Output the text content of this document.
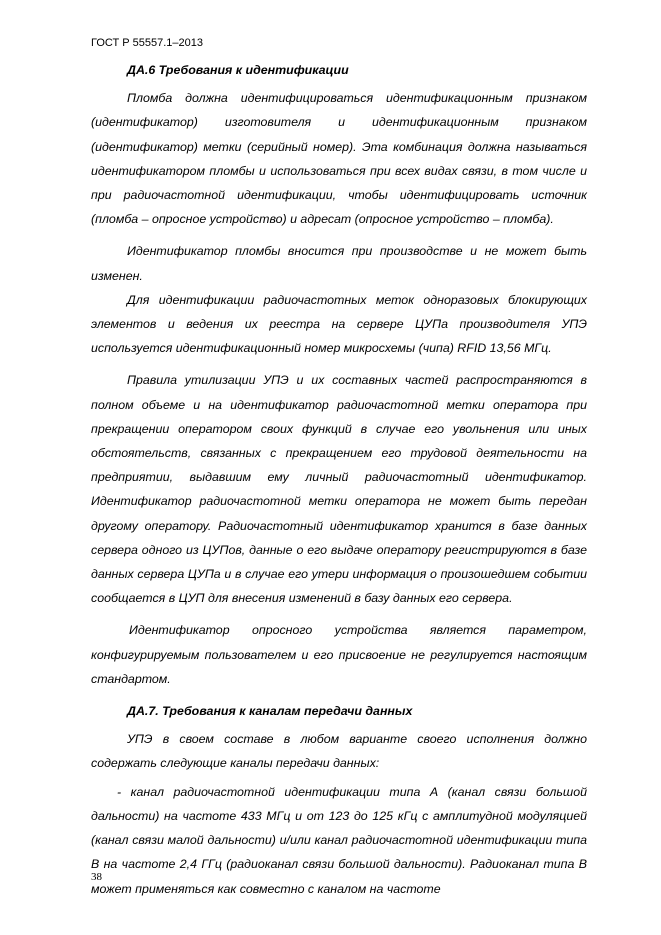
ГОСТ Р 55557.1–2013

ДА.6 Требования к идентификации

Пломба должна идентифицироваться идентификационным признаком (идентификатор) изготовителя и идентификационным признаком (идентификатор) метки (серийный номер). Эта комбинация должна называться идентификатором пломбы и использоваться при всех видах связи, в том числе и при радиочастотной идентификации, чтобы идентифицировать источник (пломба – опросное устройство) и адресат (опросное устройство – пломба).

Идентификатор пломбы вносится при производстве и не может быть изменен.

Для идентификации радиочастотных меток одноразовых блокирующих элементов и ведения их реестра на сервере ЦУПа производителя УПЭ используется идентификационный номер микросхемы (чипа) RFID 13,56 МГц.

Правила утилизации УПЭ и их составных частей распространяются в полном объеме и на идентификатор радиочастотной метки оператора при прекращении оператором своих функций в случае его увольнения или иных обстоятельств, связанных с прекращением его трудовой деятельности на предприятии, выдавшим ему личный радиочастотный идентификатор. Идентификатор радиочастотной метки оператора не может быть передан другому оператору. Радиочастотный идентификатор хранится в базе данных сервера одного из ЦУПов, данные о его выдаче оператору регистрируются в базе данных сервера ЦУПа и в случае его утери информация о произошедшем событии сообщается в ЦУП для внесения изменений в базу данных его сервера.

Идентификатор опросного устройства является параметром, конфигурируемым пользователем и его присвоение не регулируется настоящим стандартом.

ДА.7. Требования к каналам передачи данных

УПЭ в своем составе в любом варианте своего исполнения должно содержать следующие каналы передачи данных:

- канал радиочастотной идентификации типа А (канал связи большой дальности) на частоте 433 МГц и от 123 до 125 кГц с амплитудной модуляцией (канал связи малой дальности) и/или канал радиочастотной идентификации типа В на частоте 2,4 ГГц (радиоканал связи большой дальности). Радиоканал типа В может применяться как совместно с каналом на частоте

38
